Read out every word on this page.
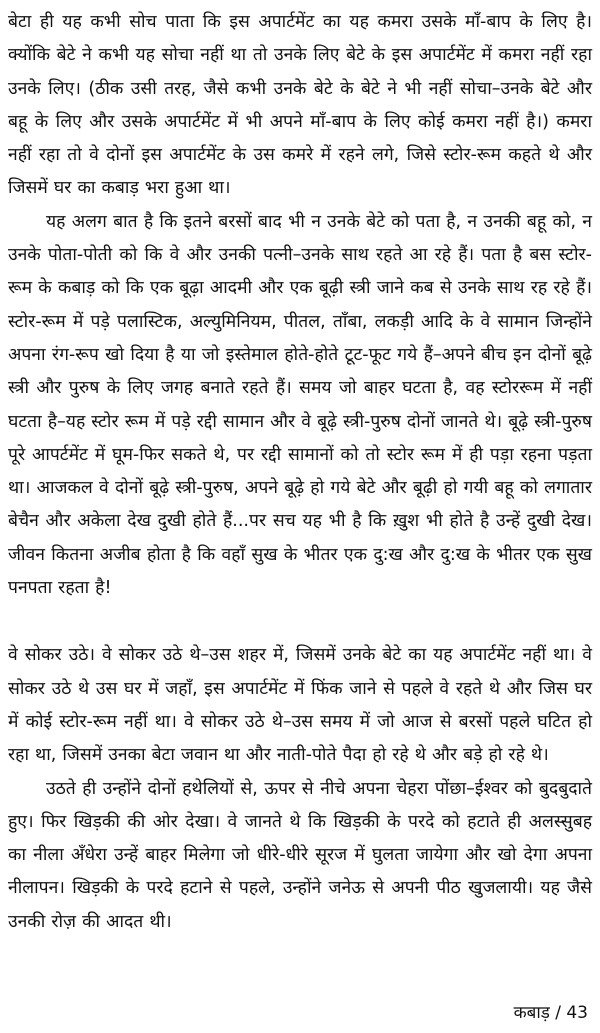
बेटा ही यह कभी सोच पाता कि इस अपार्टमेंट का यह कमरा उसके माँ-बाप के लिए है। क्योंकि बेटे ने कभी यह सोचा नहीं था तो उनके लिए बेटे के इस अपार्टमेंट में कमरा नहीं रहा उनके लिए। (ठीक उसी तरह, जैसे कभी उनके बेटे के बेटे ने भी नहीं सोचा–उनके बेटे और बहू के लिए और उसके अपार्टमेंट में भी अपने माँ-बाप के लिए कोई कमरा नहीं है।) कमरा नहीं रहा तो वे दोनों इस अपार्टमेंट के उस कमरे में रहने लगे, जिसे स्टोर-रूम कहते थे और जिसमें घर का कबाड़ भरा हुआ था।

यह अलग बात है कि इतने बरसों बाद भी न उनके बेटे को पता है, न उनकी बहू को, न उनके पोता-पोती को कि वे और उनकी पत्नी–उनके साथ रहते आ रहे हैं। पता है बस स्टोर-रूम के कबाड़ को कि एक बूढ़ा आदमी और एक बूढ़ी स्त्री जाने कब से उनके साथ रह रहे हैं। स्टोर-रूम में पड़े पलास्टिक, अल्युमिनियम, पीतल, ताँबा, लकड़ी आदि के वे सामान जिन्होंने अपना रंग-रूप खो दिया है या जो इस्तेमाल होते-होते टूट-फूट गये हैं–अपने बीच इन दोनों बूढ़े स्त्री और पुरुष के लिए जगह बनाते रहते हैं। समय जो बाहर घटता है, वह स्टोररूम में नहीं घटता है–यह स्टोर रूम में पड़े रद्दी सामान और वे बूढ़े स्त्री-पुरुष दोनों जानते थे। बूढ़े स्त्री-पुरुष पूरे आपर्टमेंट में घूम-फिर सकते थे, पर रद्दी सामानों को तो स्टोर रूम में ही पड़ा रहना पड़ता था। आजकल वे दोनों बूढ़े स्त्री-पुरुष, अपने बूढ़े हो गये बेटे और बूढ़ी हो गयी बहू को लगातार बेचैन और अकेला देख दुखी होते हैं...पर सच यह भी है कि ख़ुश भी होते है उन्हें दुखी देख। जीवन कितना अजीब होता है कि वहाँ सुख के भीतर एक दु:ख और दु:ख के भीतर एक सुख पनपता रहता है!

वे सोकर उठे। वे सोकर उठे थे–उस शहर में, जिसमें उनके बेटे का यह अपार्टमेंट नहीं था। वे सोकर उठे थे उस घर में जहाँ, इस अपार्टमेंट में फिंक जाने से पहले वे रहते थे और जिस घर में कोई स्टोर-रूम नहीं था। वे सोकर उठे थे–उस समय में जो आज से बरसों पहले घटित हो रहा था, जिसमें उनका बेटा जवान था और नाती-पोते पैदा हो रहे थे और बड़े हो रहे थे।

उठते ही उन्होंने दोनों हथेलियों से, ऊपर से नीचे अपना चेहरा पोंछा–ईश्वर को बुदबुदाते हुए। फिर खिड़की की ओर देखा। वे जानते थे कि खिड़की के परदे को हटाते ही अलस्सुबह का नीला अँधेरा उन्हें बाहर मिलेगा जो धीरे-धीरे सूरज में घुलता जायेगा और खो देगा अपना नीलापन। खिड़की के परदे हटाने से पहले, उन्होंने जनेऊ से अपनी पीठ खुजलायी। यह जैसे उनकी रोज़ की आदत थी।

कबाड़ / 43
